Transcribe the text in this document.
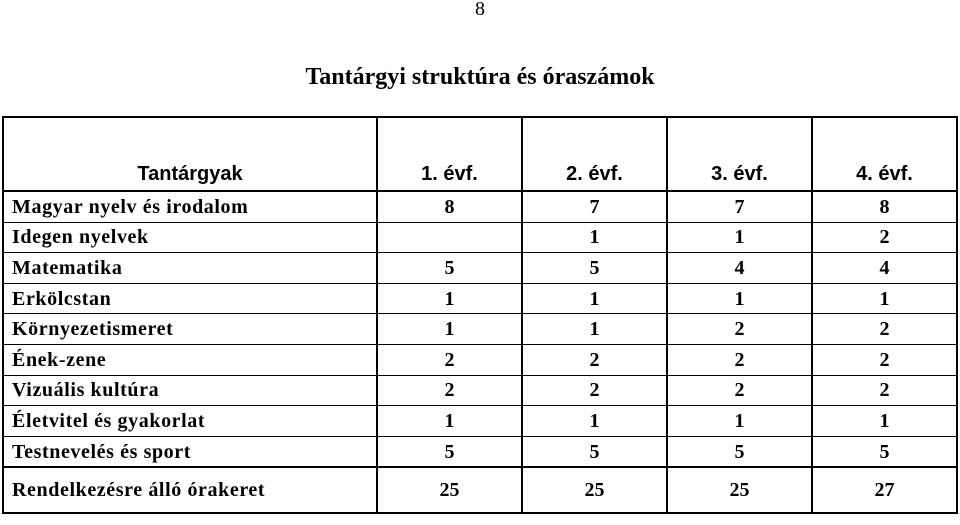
8
Tantárgyi struktúra és óraszámok
Tantárgyak	1. évf.	2. évf.	3. évf.	4. évf.

Magyar nyelv és irodalom	8	7	7	8
Idegen nyelvek		1	1	2
Matematika	5	5	4	4
Erkölcstan	1	1	1	1
Környezetismeret	1	1	2	2
Ének-zene	2	2	2	2
Vizuális kultúra	2	2	2	2
Életvitel és gyakorlat	1	1	1	1
Testnevelés és sport	5	5	5	5
Rendelkezésre álló órakeret	25	25	25	27
